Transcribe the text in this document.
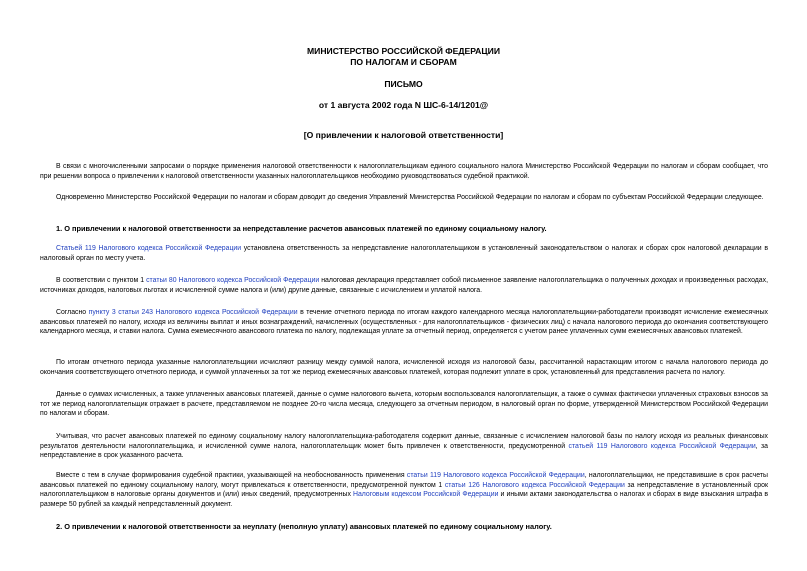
МИНИСТЕРСТВО РОССИЙСКОЙ ФЕДЕРАЦИИ
ПО НАЛОГАМ И СБОРАМ
ПИСЬМО
от 1 августа 2002 года N ШС-6-14/1201@
[О привлечении к налоговой ответственности]
В связи с многочисленными запросами о порядке применения налоговой ответственности к налогоплательщикам единого социального налога Министерство Российской Федерации по налогам и сборам сообщает, что при решении вопроса о привлечении к налоговой ответственности указанных налогоплательщиков необходимо руководствоваться судебной практикой.
Одновременно Министерство Российской Федерации по налогам и сборам доводит до сведения Управлений Министерства Российской Федерации по налогам и сборам по субъектам Российской Федерации следующее.
1. О привлечении к налоговой ответственности за непредставление расчетов авансовых платежей по единому социальному налогу.
Статьей 119 Налогового кодекса Российской Федерации установлена ответственность за непредставление налогоплательщиком в установленный законодательством о налогах и сборах срок налоговой декларации в налоговый орган по месту учета.
В соответствии с пунктом 1 статьи 80 Налогового кодекса Российской Федерации налоговая декларация представляет собой письменное заявление налогоплательщика о полученных доходах и произведенных расходах, источниках доходов, налоговых льготах и исчисленной сумме налога и (или) другие данные, связанные с исчислением и уплатой налога.
Согласно пункту 3 статьи 243 Налогового кодекса Российской Федерации в течение отчетного периода по итогам каждого календарного месяца налогоплательщики-работодатели производят исчисление ежемесячных авансовых платежей по налогу, исходя из величины выплат и иных вознаграждений, начисленных (осуществленных - для налогоплательщиков - физических лиц) с начала налогового периода до окончания соответствующего календарного месяца, и ставки налога. Сумма ежемесячного авансового платежа по налогу, подлежащая уплате за отчетный период, определяется с учетом ранее уплаченных сумм ежемесячных авансовых платежей.
По итогам отчетного периода указанные налогоплательщики исчисляют разницу между суммой налога, исчисленной исходя из налоговой базы, рассчитанной нарастающим итогом с начала налогового периода до окончания соответствующего отчетного периода, и суммой уплаченных за тот же период ежемесячных авансовых платежей, которая подлежит уплате в срок, установленный для представления расчета по налогу.
Данные о суммах исчисленных, а также уплаченных авансовых платежей, данные о сумме налогового вычета, которым воспользовался налогоплательщик, а также о суммах фактически уплаченных страховых взносов за тот же период налогоплательщик отражает в расчете, представляемом не позднее 20-го числа месяца, следующего за отчетным периодом, в налоговый орган по форме, утвержденной Министерством Российской Федерации по налогам и сборам.
Учитывая, что расчет авансовых платежей по единому социальному налогу налогоплательщика-работодателя содержит данные, связанные с исчислением налоговой базы по налогу исходя из реальных финансовых результатов деятельности налогоплательщика, и исчисленной сумме налога, налогоплательщик может быть привлечен к ответственности, предусмотренной статьей 119 Налогового кодекса Российской Федерации, за непредставление в срок указанного расчета.
Вместе с тем в случае формирования судебной практики, указывающей на необоснованность применения статьи 119 Налогового кодекса Российской Федерации, налогоплательщики, не представившие в срок расчеты авансовых платежей по единому социальному налогу, могут привлекаться к ответственности, предусмотренной пунктом 1 статьи 126 Налогового кодекса Российской Федерации за непредставление в установленный срок налогоплательщиком в налоговые органы документов и (или) иных сведений, предусмотренных Налоговым кодексом Российской Федерации и иными актами законодательства о налогах и сборах в виде взыскания штрафа в размере 50 рублей за каждый непредставленный документ.
2. О привлечении к налоговой ответственности за неуплату (неполную уплату) авансовых платежей по единому социальному налогу.
